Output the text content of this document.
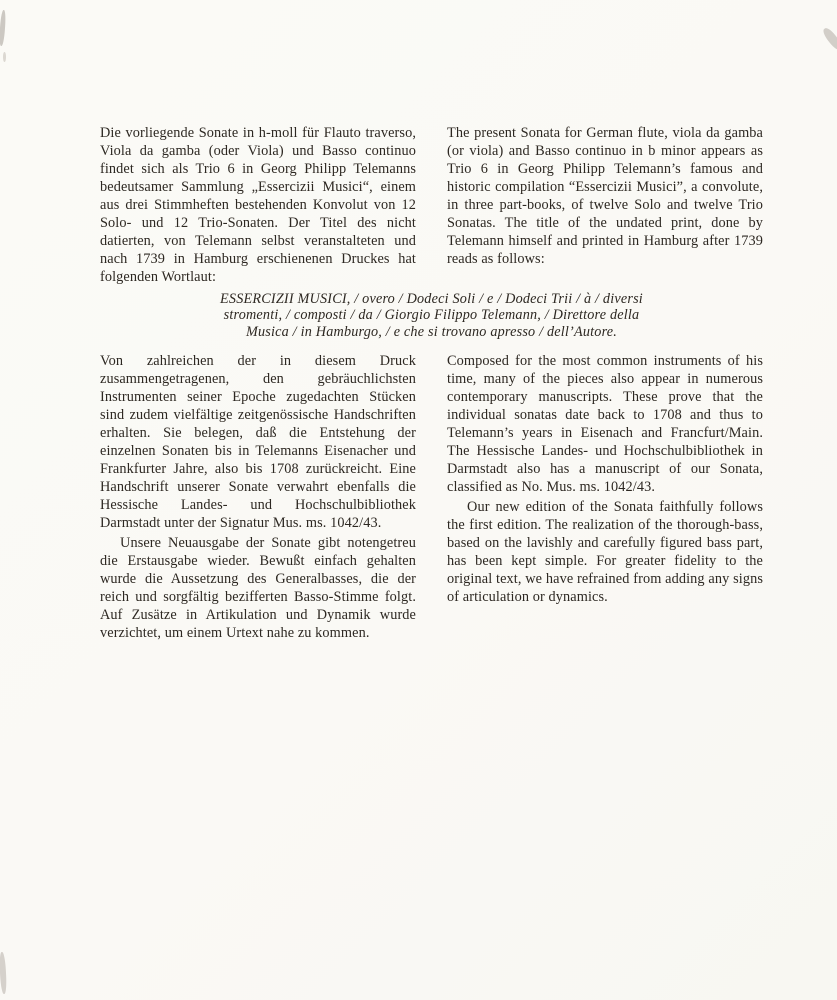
Die vorliegende Sonate in h-moll für Flauto traverso, Viola da gamba (oder Viola) und Basso continuo findet sich als Trio 6 in Georg Philipp Telemanns bedeutsamer Sammlung „Essercizii Musici“, einem aus drei Stimmheften bestehenden Konvolut von 12 Solo- und 12 Trio-Sonaten. Der Titel des nicht datierten, von Telemann selbst veranstalteten und nach 1739 in Hamburg erschienenen Druckes hat folgenden Wortlaut:

The present Sonata for German flute, viola da gamba (or viola) and Basso continuo in b minor appears as Trio 6 in Georg Philipp Telemann’s famous and historic compilation “Essercizii Musici”, a convolute, in three part-books, of twelve Solo and twelve Trio Sonatas. The title of the undated print, done by Telemann himself and printed in Hamburg after 1739 reads as follows:

ESSERCIZII MUSICI, / overo / Dodeci Soli / e / Dodeci Trii / à / diversi
stromenti, / composti / da / Giorgio Filippo Telemann, / Direttore della
Musica / in Hamburgo, / e che si trovano apresso / dell’Autore.

Von zahlreichen der in diesem Druck zusammengetragenen, den gebräuchlichsten Instrumenten seiner Epoche zugedachten Stücken sind zudem vielfältige zeitgenössische Handschriften erhalten. Sie belegen, daß die Entstehung der einzelnen Sonaten bis in Telemanns Eisenacher und Frankfurter Jahre, also bis 1708 zurückreicht. Eine Handschrift unserer Sonate verwahrt ebenfalls die Hessische Landes- und Hochschulbibliothek Darmstadt unter der Signatur Mus. ms. 1042/43.

Unsere Neuausgabe der Sonate gibt notengetreu die Erstausgabe wieder. Bewußt einfach gehalten wurde die Aussetzung des Generalbasses, die der reich und sorgfältig bezifferten Basso-Stimme folgt. Auf Zusätze in Artikulation und Dynamik wurde verzichtet, um einem Urtext nahe zu kommen.

Composed for the most common instruments of his time, many of the pieces also appear in numerous contemporary manuscripts. These prove that the individual sonatas date back to 1708 and thus to Telemann’s years in Eisenach and Francfurt/Main. The Hessische Landes- und Hochschulbibliothek in Darmstadt also has a manuscript of our Sonata, classified as No. Mus. ms. 1042/43.

Our new edition of the Sonata faithfully follows the first edition. The realization of the thorough-bass, based on the lavishly and carefully figured bass part, has been kept simple. For greater fidelity to the original text, we have refrained from adding any signs of articulation or dynamics.
